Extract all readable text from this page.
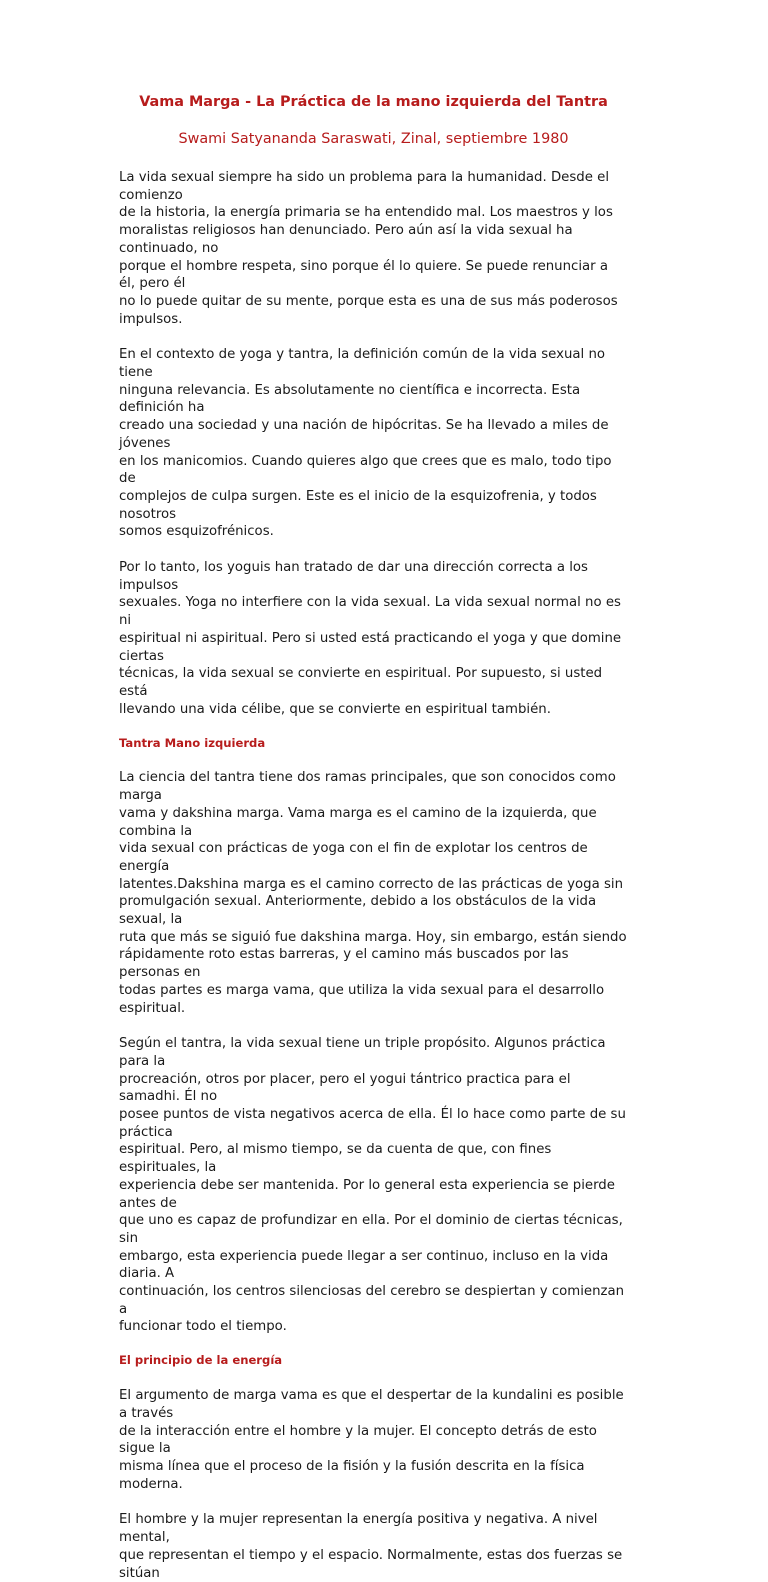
Vama Marga - La Práctica de la mano izquierda del Tantra

Swami Satyananda Saraswati, Zinal, septiembre 1980

La vida sexual siempre ha sido un problema para la humanidad. Desde el comienzo
de la historia, la energía primaria se ha entendido mal. Los maestros y los
moralistas religiosos han denunciado. Pero aún así la vida sexual ha continuado, no
porque el hombre respeta, sino porque él lo quiere. Se puede renunciar a él, pero él
no lo puede quitar de su mente, porque esta es una de sus más poderosos
impulsos.

En el contexto de yoga y tantra, la definición común de la vida sexual no tiene
ninguna relevancia. Es absolutamente no científica e incorrecta. Esta definición ha
creado una sociedad y una nación de hipócritas. Se ha llevado a miles de jóvenes
en los manicomios. Cuando quieres algo que crees que es malo, todo tipo de
complejos de culpa surgen. Este es el inicio de la esquizofrenia, y todos nosotros
somos esquizofrénicos.

Por lo tanto, los yoguis han tratado de dar una dirección correcta a los impulsos
sexuales. Yoga no interfiere con la vida sexual. La vida sexual normal no es ni
espiritual ni aspiritual. Pero si usted está practicando el yoga y que domine ciertas
técnicas, la vida sexual se convierte en espiritual. Por supuesto, si usted está
llevando una vida célibe, que se convierte en espiritual también.

Tantra Mano izquierda

La ciencia del tantra tiene dos ramas principales, que son conocidos como marga
vama y dakshina marga. Vama marga es el camino de la izquierda, que combina la
vida sexual con prácticas de yoga con el fin de explotar los centros de energía
latentes.Dakshina marga es el camino correcto de las prácticas de yoga sin
promulgación sexual. Anteriormente, debido a los obstáculos de la vida sexual, la
ruta que más se siguió fue dakshina marga. Hoy, sin embargo, están siendo
rápidamente roto estas barreras, y el camino más buscados por las personas en
todas partes es marga vama, que utiliza la vida sexual para el desarrollo espiritual.

Según el tantra, la vida sexual tiene un triple propósito. Algunos práctica para la
procreación, otros por placer, pero el yogui tántrico practica para el samadhi. Él no
posee puntos de vista negativos acerca de ella. Él lo hace como parte de su práctica
espiritual. Pero, al mismo tiempo, se da cuenta de que, con fines espirituales, la
experiencia debe ser mantenida. Por lo general esta experiencia se pierde antes de
que uno es capaz de profundizar en ella. Por el dominio de ciertas técnicas, sin
embargo, esta experiencia puede llegar a ser continuo, incluso en la vida diaria. A
continuación, los centros silenciosas del cerebro se despiertan y comienzan a
funcionar todo el tiempo.

El principio de la energía

El argumento de marga vama es que el despertar de la kundalini es posible a través
de la interacción entre el hombre y la mujer. El concepto detrás de esto sigue la
misma línea que el proceso de la fisión y la fusión descrita en la física moderna.

El hombre y la mujer representan la energía positiva y negativa. A nivel mental,
que representan el tiempo y el espacio. Normalmente, estas dos fuerzas se sitúan
